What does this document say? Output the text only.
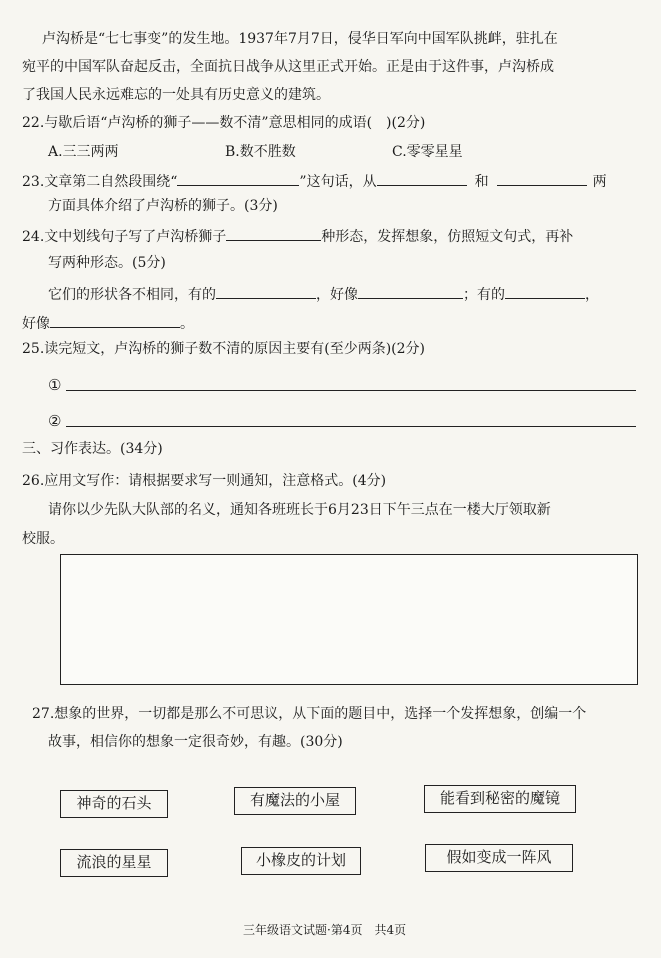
卢沟桥是“七七事变”的发生地。1937年7月7日，侵华日军向中国军队挑衅，驻扎在
宛平的中国军队奋起反击，全面抗日战争从这里正式开始。正是由于这件事，卢沟桥成
了我国人民永远难忘的一处具有历史意义的建筑。
22.与歇后语“卢沟桥的狮子——数不清”意思相同的成语(　)(2分)
A.三三两两	B.数不胜数	C.零零星星
23.文章第二自然段围绕“	”这句话，从	和	两
方面具体介绍了卢沟桥的狮子。(3分)
24.文中划线句子写了卢沟桥狮子	种形态，发挥想象，仿照短文句式，再补
写两种形态。(5分)
它们的形状各不相同，有的	，好像	；有的	，
好像	。
25.读完短文，卢沟桥的狮子数不清的原因主要有(至少两条)(2分)
①
②
三、习作表达。(34分)
26.应用文写作：请根据要求写一则通知，注意格式。(4分)
请你以少先队大队部的名义，通知各班班长于6月23日下午三点在一楼大厅领取新
校服。
27.想象的世界，一切都是那么不可思议，从下面的题目中，选择一个发挥想象，创编一个
故事，相信你的想象一定很奇妙，有趣。(30分)
神奇的石头	有魔法的小屋	能看到秘密的魔镜
流浪的星星	小橡皮的计划	假如变成一阵风
三年级语文试题·第4页　共4页
